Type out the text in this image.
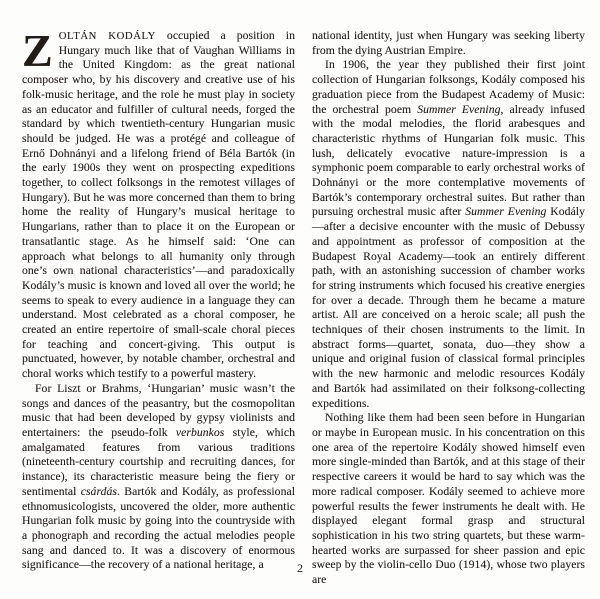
ZOLTÁN KODÁLY occupied a position in Hungary much like that of Vaughan Williams in the United Kingdom: as the great national composer who, by his discovery and creative use of his folk-music heritage, and the role he must play in society as an educator and fulfiller of cultural needs, forged the standard by which twentieth-century Hungarian music should be judged. He was a protégé and colleague of Ernő Dohnányi and a lifelong friend of Béla Bartók (in the early 1900s they went on prospecting expeditions together, to collect folksongs in the remotest villages of Hungary). But he was more concerned than them to bring home the reality of Hungary’s musical heritage to Hungarians, rather than to place it on the European or transatlantic stage. As he himself said: ‘One can approach what belongs to all humanity only through one’s own national characteristics’—and paradoxically Kodály’s music is known and loved all over the world; he seems to speak to every audience in a language they can understand. Most celebrated as a choral composer, he created an entire repertoire of small-scale choral pieces for teaching and concert-giving. This output is punctuated, however, by notable chamber, orchestral and choral works which testify to a powerful mastery.

For Liszt or Brahms, ‘Hungarian’ music wasn’t the songs and dances of the peasantry, but the cosmopolitan music that had been developed by gypsy violinists and entertainers: the pseudo-folk verbunkos style, which amalgamated features from various traditions (nineteenth-century courtship and recruiting dances, for instance), its characteristic measure being the fiery or sentimental csárdás. Bartók and Kodály, as professional ethnomusicologists, uncovered the older, more authentic Hungarian folk music by going into the countryside with a phonograph and recording the actual melodies people sang and danced to. It was a discovery of enormous significance—the recovery of a national heritage, a

national identity, just when Hungary was seeking liberty from the dying Austrian Empire.

In 1906, the year they published their first joint collection of Hungarian folksongs, Kodály composed his graduation piece from the Budapest Academy of Music: the orchestral poem Summer Evening, already infused with the modal melodies, the florid arabesques and characteristic rhythms of Hungarian folk music. This lush, delicately evocative nature-impression is a symphonic poem comparable to early orchestral works of Dohnányi or the more contemplative movements of Bartók’s contemporary orchestral suites. But rather than pursuing orchestral music after Summer Evening Kodály—after a decisive encounter with the music of Debussy and appointment as professor of composition at the Budapest Royal Academy—took an entirely different path, with an astonishing succession of chamber works for string instruments which focused his creative energies for over a decade. Through them he became a mature artist. All are conceived on a heroic scale; all push the techniques of their chosen instruments to the limit. In abstract forms—quartet, sonata, duo—they show a unique and original fusion of classical formal principles with the new harmonic and melodic resources Kodály and Bartók had assimilated on their folksong-collecting expeditions.

Nothing like them had been seen before in Hungarian or maybe in European music. In his concentration on this one area of the repertoire Kodály showed himself even more single-minded than Bartók, and at this stage of their respective careers it would be hard to say which was the more radical composer. Kodály seemed to achieve more powerful results the fewer instruments he dealt with. He displayed elegant formal grasp and structural sophistication in his two string quartets, but these warm-hearted works are surpassed for sheer passion and epic sweep by the violin-cello Duo (1914), whose two players are

2
